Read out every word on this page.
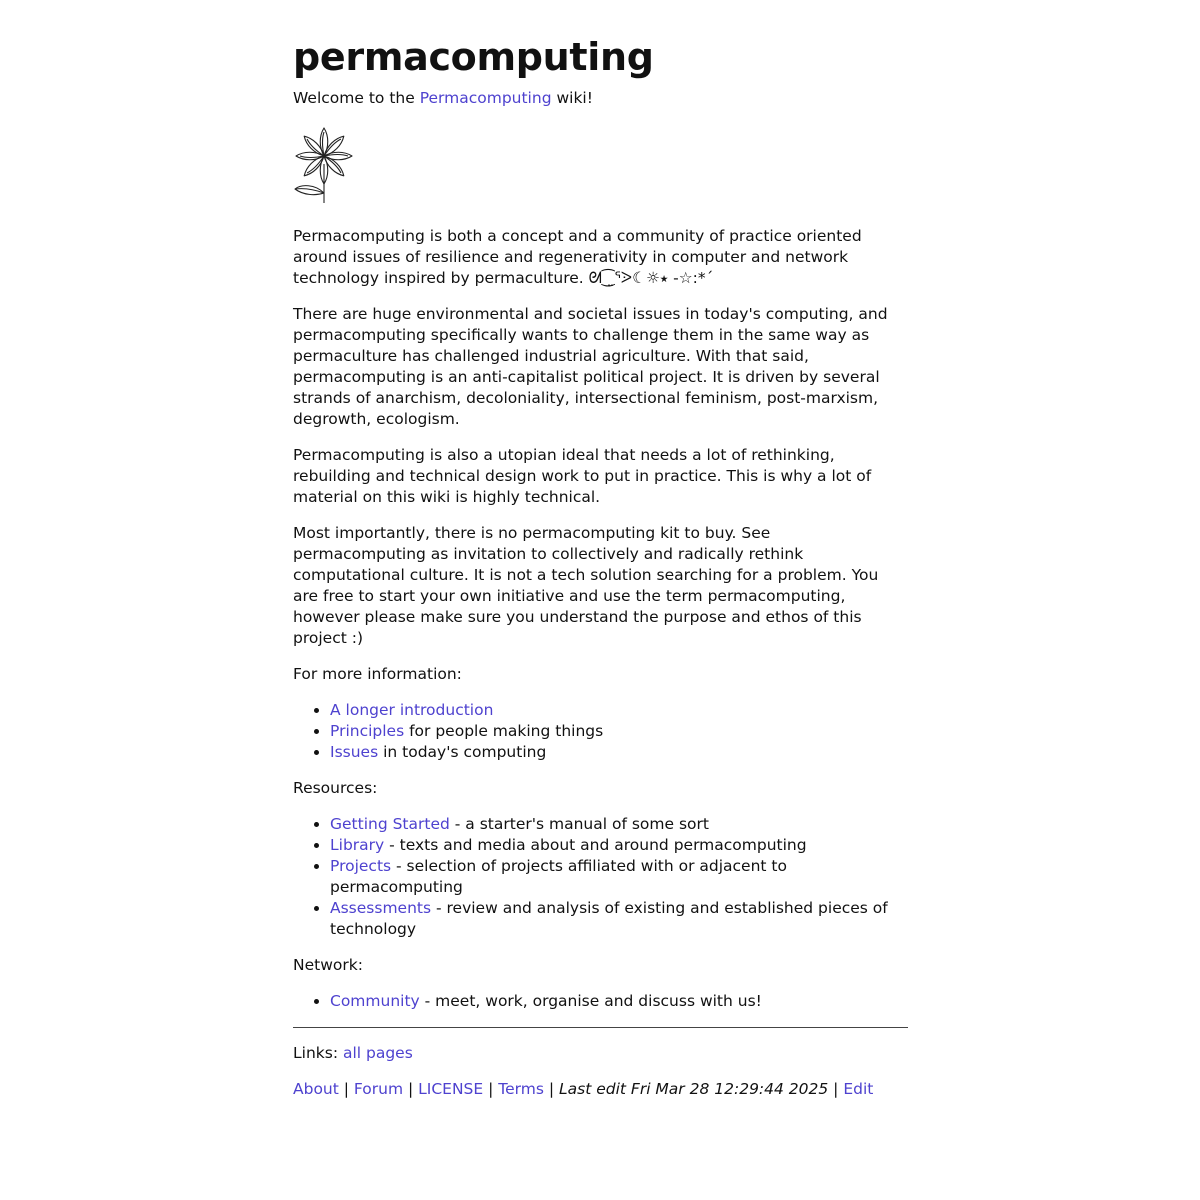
permacomputing

Welcome to the Permacomputing wiki!

Permacomputing is both a concept and a community of practice oriented around issues of resilience and regenerativity in computer and network technology inspired by permaculture. ᘛ⁐̤ᕐᐷ☾☼⭑ -☆:*´

There are huge environmental and societal issues in today's computing, and permacomputing specifically wants to challenge them in the same way as permaculture has challenged industrial agriculture. With that said, permacomputing is an anti-capitalist political project. It is driven by several strands of anarchism, decoloniality, intersectional feminism, post-marxism, degrowth, ecologism.

Permacomputing is also a utopian ideal that needs a lot of rethinking, rebuilding and technical design work to put in practice. This is why a lot of material on this wiki is highly technical.

Most importantly, there is no permacomputing kit to buy. See permacomputing as invitation to collectively and radically rethink computational culture. It is not a tech solution searching for a problem. You are free to start your own initiative and use the term permacomputing, however please make sure you understand the purpose and ethos of this project :)

For more information:

• A longer introduction
• Principles for people making things
• Issues in today's computing

Resources:

• Getting Started - a starter's manual of some sort
• Library - texts and media about and around permacomputing
• Projects - selection of projects affiliated with or adjacent to permacomputing
• Assessments - review and analysis of existing and established pieces of technology

Network:

• Community - meet, work, organise and discuss with us!

Links: all pages

About | Forum | LICENSE | Terms | Last edit Fri Mar 28 12:29:44 2025 | Edit
